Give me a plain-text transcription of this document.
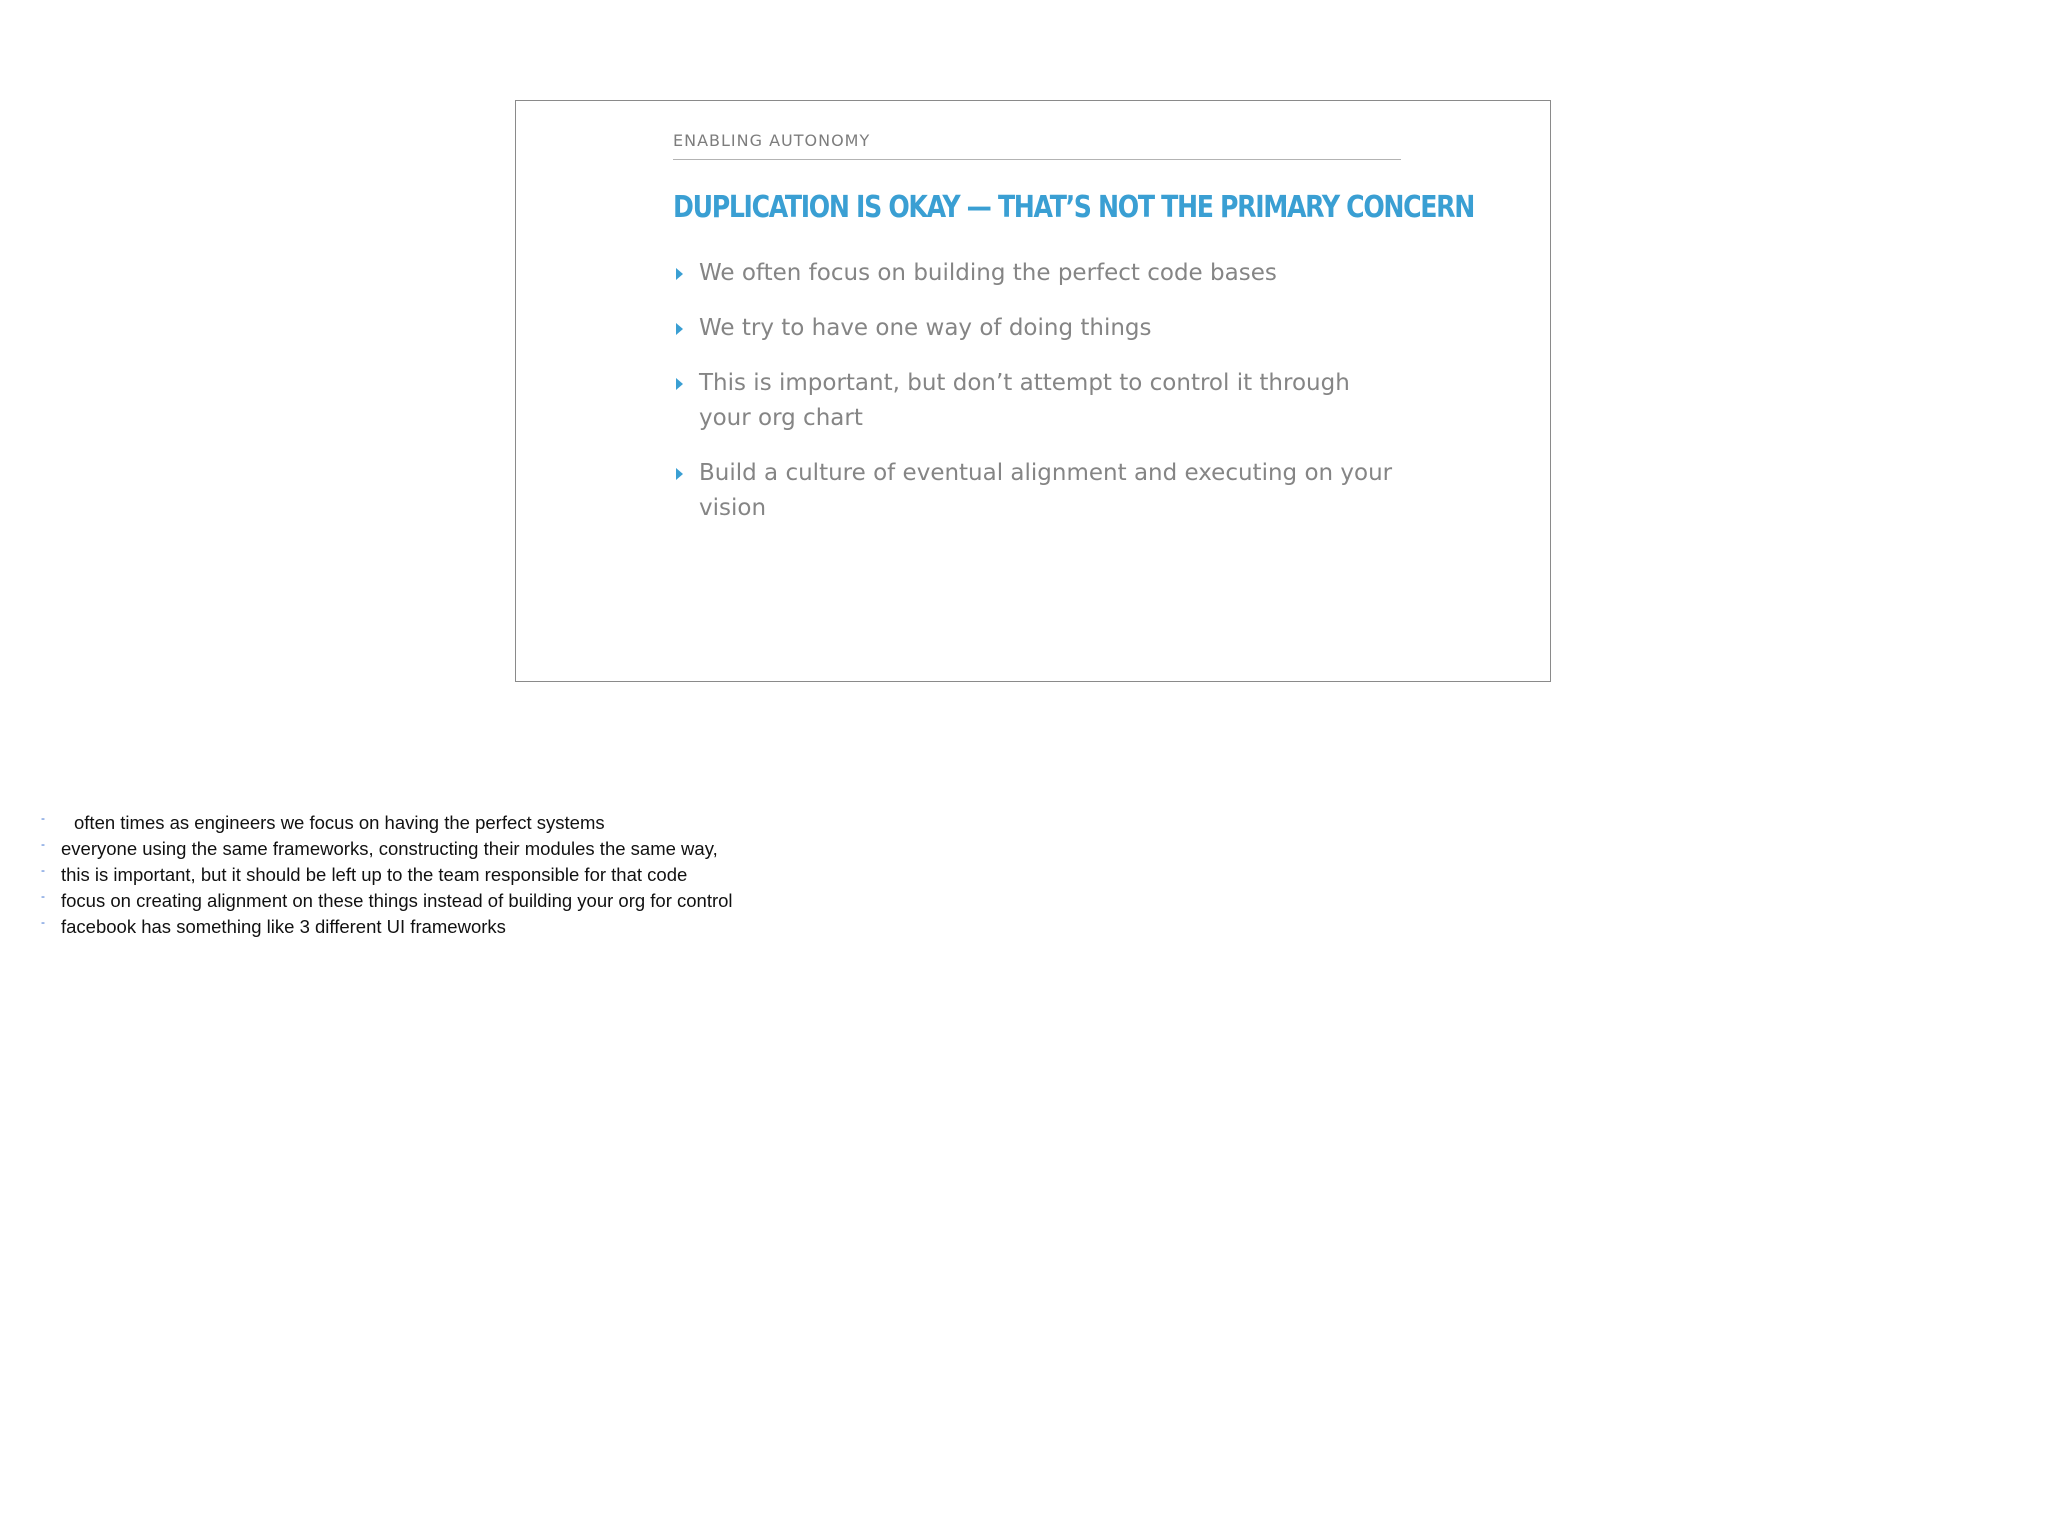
ENABLING AUTONOMY
DUPLICATION IS OKAY — THAT’S NOT THE PRIMARY CONCERN
We often focus on building the perfect code bases
We try to have one way of doing things
This is important, but don’t attempt to control it through your org chart
Build a culture of eventual alignment and executing on your vision
- often times as engineers we focus on having the perfect systems
- everyone using the same frameworks, constructing their modules the same way,
- this is important, but it should be left up to the team responsible for that code
- focus on creating alignment on these things instead of building your org for control
- facebook has something like 3 different UI frameworks
